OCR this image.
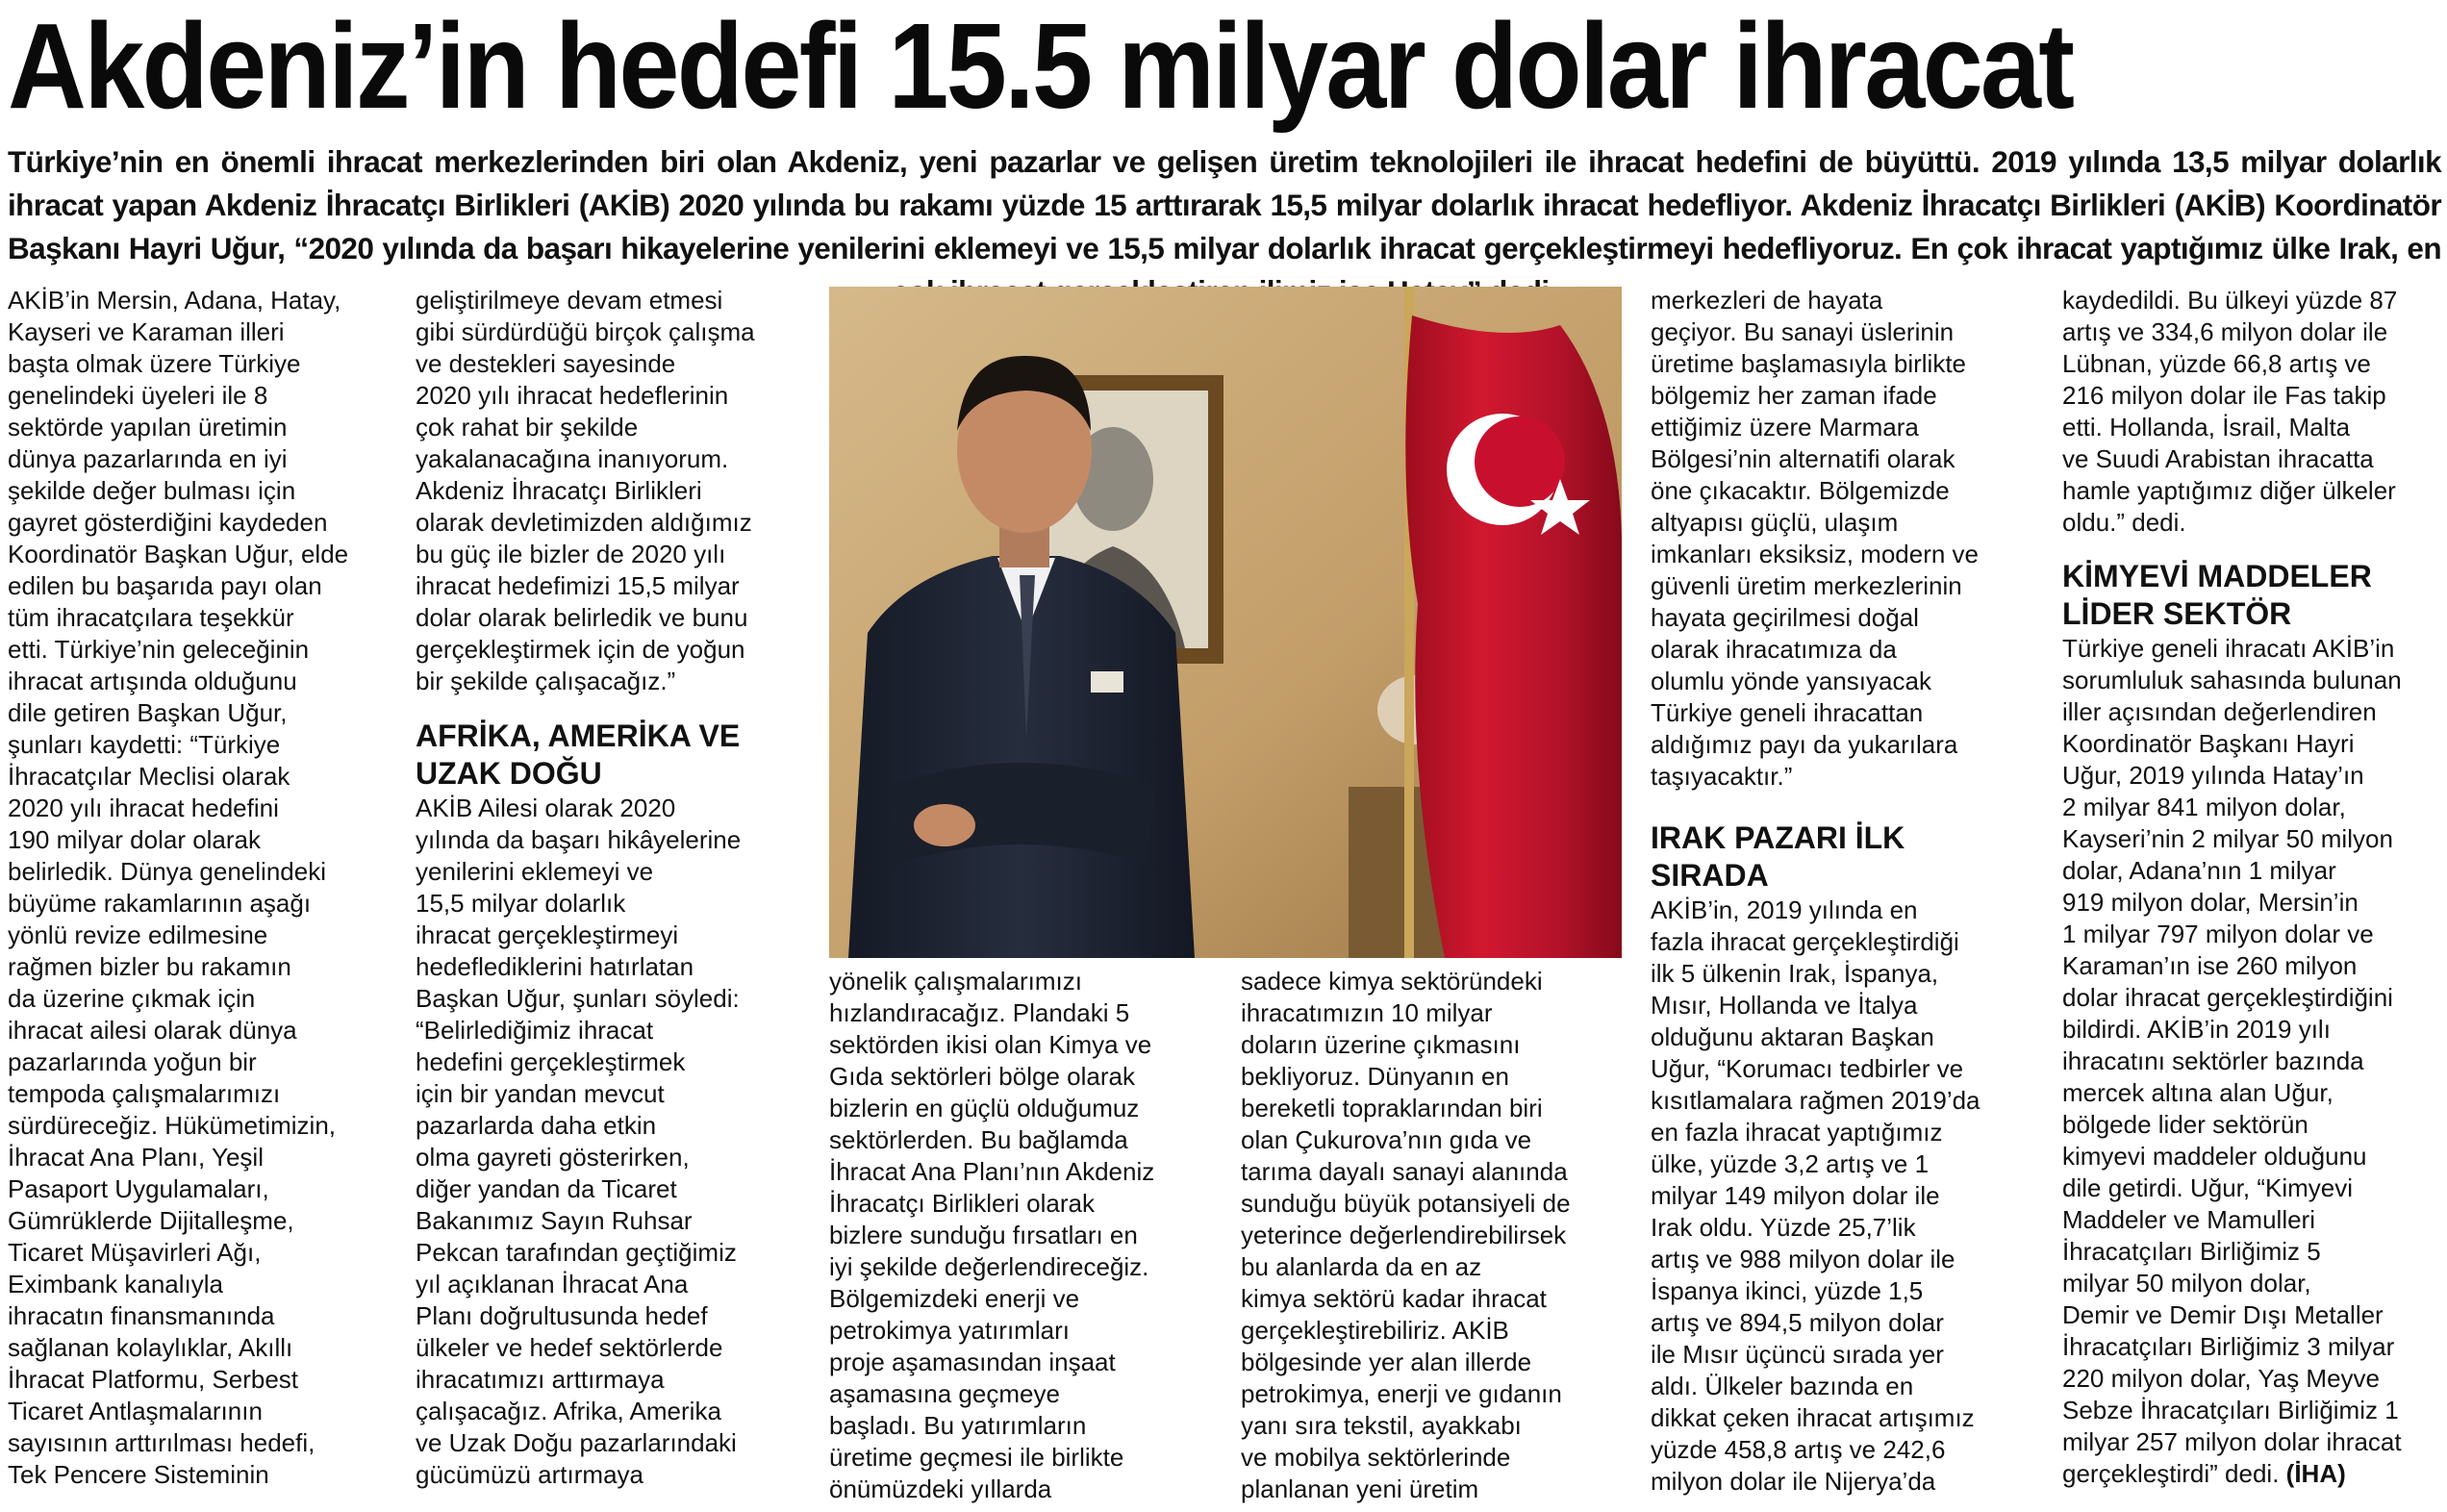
Akdeniz’in hedefi 15.5 milyar dolar ihracat

Türkiye’nin en önemli ihracat merkezlerinden biri olan Akdeniz, yeni pazarlar ve gelişen üretim teknolojileri ile ihracat hedefini de büyüttü. 2019 yılında 13,5 milyar dolarlık ihracat yapan Akdeniz İhracatçı Birlikleri (AKİB) 2020 yılında bu rakamı yüzde 15 arttırarak 15,5 milyar dolarlık ihracat hedefliyor. Akdeniz İhracatçı Birlikleri (AKİB) Koordinatör Başkanı Hayri Uğur, “2020 yılında da başarı hikayelerine yenilerini eklemeyi ve 15,5 milyar dolarlık ihracat gerçekleştirmeyi hedefliyoruz. En çok ihracat yaptığımız ülke Irak, en

AKİB’in Mersin, Adana, Hatay,
Kayseri ve Karaman illeri
başta olmak üzere Türkiye
genelindeki üyeleri ile 8
sektörde yapılan üretimin
dünya pazarlarında en iyi
şekilde değer bulması için
gayret gösterdiğini kaydeden
Koordinatör Başkan Uğur, elde
edilen bu başarıda payı olan
tüm ihracatçılara teşekkür
etti. Türkiye’nin geleceğinin
ihracat artışında olduğunu
dile getiren Başkan Uğur,
şunları kaydetti: “Türkiye
İhracatçılar Meclisi olarak
2020 yılı ihracat hedefini
190 milyar dolar olarak
belirledik. Dünya genelindeki
büyüme rakamlarının aşağı
yönlü revize edilmesine
rağmen bizler bu rakamın
da üzerine çıkmak için
ihracat ailesi olarak dünya
pazarlarında yoğun bir
tempoda çalışmalarımızı
sürdüreceğiz. Hükümetimizin,
İhracat Ana Planı, Yeşil
Pasaport Uygulamaları,
Gümrüklerde Dijitalleşme,
Ticaret Müşavirleri Ağı,
Eximbank kanalıyla
ihracatın finansmanında
sağlanan kolaylıklar, Akıllı
İhracat Platformu, Serbest
Ticaret Antlaşmalarının
sayısının arttırılması hedefi,
Tek Pencere Sisteminin

geliştirilmeye devam etmesi
gibi sürdürdüğü birçok çalışma
ve destekleri sayesinde
2020 yılı ihracat hedeflerinin
çok rahat bir şekilde
yakalanacağına inanıyorum.
Akdeniz İhracatçı Birlikleri
olarak devletimizden aldığımız
bu güç ile bizler de 2020 yılı
ihracat hedefimizi 15,5 milyar
dolar olarak belirledik ve bunu
gerçekleştirmek için de yoğun
bir şekilde çalışacağız.”

AFRİKA, AMERİKA VE
UZAK DOĞU

AKİB Ailesi olarak 2020
yılında da başarı hikâyelerine
yenilerini eklemeyi ve
15,5 milyar dolarlık
ihracat gerçekleştirmeyi
hedeflediklerini hatırlatan
Başkan Uğur, şunları söyledi:
“Belirlediğimiz ihracat
hedefini gerçekleştirmek
için bir yandan mevcut
pazarlarda daha etkin
olma gayreti gösterirken,
diğer yandan da Ticaret
Bakanımız Sayın Ruhsar
Pekcan tarafından geçtiğimiz
yıl açıklanan İhracat Ana
Planı doğrultusunda hedef
ülkeler ve hedef sektörlerde
ihracatımızı arttırmaya
çalışacağız. Afrika, Amerika
ve Uzak Doğu pazarlarındaki
gücümüzü artırmaya

yönelik çalışmalarımızı
hızlandıracağız. Plandaki 5
sektörden ikisi olan Kimya ve
Gıda sektörleri bölge olarak
bizlerin en güçlü olduğumuz
sektörlerden. Bu bağlamda
İhracat Ana Planı’nın Akdeniz
İhracatçı Birlikleri olarak
bizlere sunduğu fırsatları en
iyi şekilde değerlendireceğiz.
Bölgemizdeki enerji ve
petrokimya yatırımları
proje aşamasından inşaat
aşamasına geçmeye
başladı. Bu yatırımların
üretime geçmesi ile birlikte
önümüzdeki yıllarda

sadece kimya sektöründeki
ihracatımızın 10 milyar
doların üzerine çıkmasını
bekliyoruz. Dünyanın en
bereketli topraklarından biri
olan Çukurova’nın gıda ve
tarıma dayalı sanayi alanında
sunduğu büyük potansiyeli de
yeterince değerlendirebilirsek
bu alanlarda da en az
kimya sektörü kadar ihracat
gerçekleştirebiliriz. AKİB
bölgesinde yer alan illerde
petrokimya, enerji ve gıdanın
yanı sıra tekstil, ayakkabı
ve mobilya sektörlerinde
planlanan yeni üretim

merkezleri de hayata
geçiyor. Bu sanayi üslerinin
üretime başlamasıyla birlikte
bölgemiz her zaman ifade
ettiğimiz üzere Marmara
Bölgesi’nin alternatifi olarak
öne çıkacaktır. Bölgemizde
altyapısı güçlü, ulaşım
imkanları eksiksiz, modern ve
güvenli üretim merkezlerinin
hayata geçirilmesi doğal
olarak ihracatımıza da
olumlu yönde yansıyacak
Türkiye geneli ihracattan
aldığımız payı da yukarılara
taşıyacaktır.”

IRAK PAZARI İLK
SIRADA

AKİB’in, 2019 yılında en
fazla ihracat gerçekleştirdiği
ilk 5 ülkenin Irak, İspanya,
Mısır, Hollanda ve İtalya
olduğunu aktaran Başkan
Uğur, “Korumacı tedbirler ve
kısıtlamalara rağmen 2019’da
en fazla ihracat yaptığımız
ülke, yüzde 3,2 artış ve 1
milyar 149 milyon dolar ile
Irak oldu. Yüzde 25,7’lik
artış ve 988 milyon dolar ile
İspanya ikinci, yüzde 1,5
artış ve 894,5 milyon dolar
ile Mısır üçüncü sırada yer
aldı. Ülkeler bazında en
dikkat çeken ihracat artışımız
yüzde 458,8 artış ve 242,6
milyon dolar ile Nijerya’da

kaydedildi. Bu ülkeyi yüzde 87
artış ve 334,6 milyon dolar ile
Lübnan, yüzde 66,8 artış ve
216 milyon dolar ile Fas takip
etti. Hollanda, İsrail, Malta
ve Suudi Arabistan ihracatta
hamle yaptığımız diğer ülkeler
oldu.” dedi.

KİMYEVİ MADDELER
LİDER SEKTÖR

Türkiye geneli ihracatı AKİB’in
sorumluluk sahasında bulunan
iller açısından değerlendiren
Koordinatör Başkanı Hayri
Uğur, 2019 yılında Hatay’ın
2 milyar 841 milyon dolar,
Kayseri’nin 2 milyar 50 milyon
dolar, Adana’nın 1 milyar
919 milyon dolar, Mersin’in
1 milyar 797 milyon dolar ve
Karaman’ın ise 260 milyon
dolar ihracat gerçekleştirdiğini
bildirdi. AKİB’in 2019 yılı
ihracatını sektörler bazında
mercek altına alan Uğur,
bölgede lider sektörün
kimyevi maddeler olduğunu
dile getirdi. Uğur, “Kimyevi
Maddeler ve Mamulleri
İhracatçıları Birliğimiz 5
milyar 50 milyon dolar,
Demir ve Demir Dışı Metaller
İhracatçıları Birliğimiz 3 milyar
220 milyon dolar, Yaş Meyve
Sebze İhracatçıları Birliğimiz 1
milyar 257 milyon dolar ihracat
gerçekleştirdi” dedi. (İHA)
